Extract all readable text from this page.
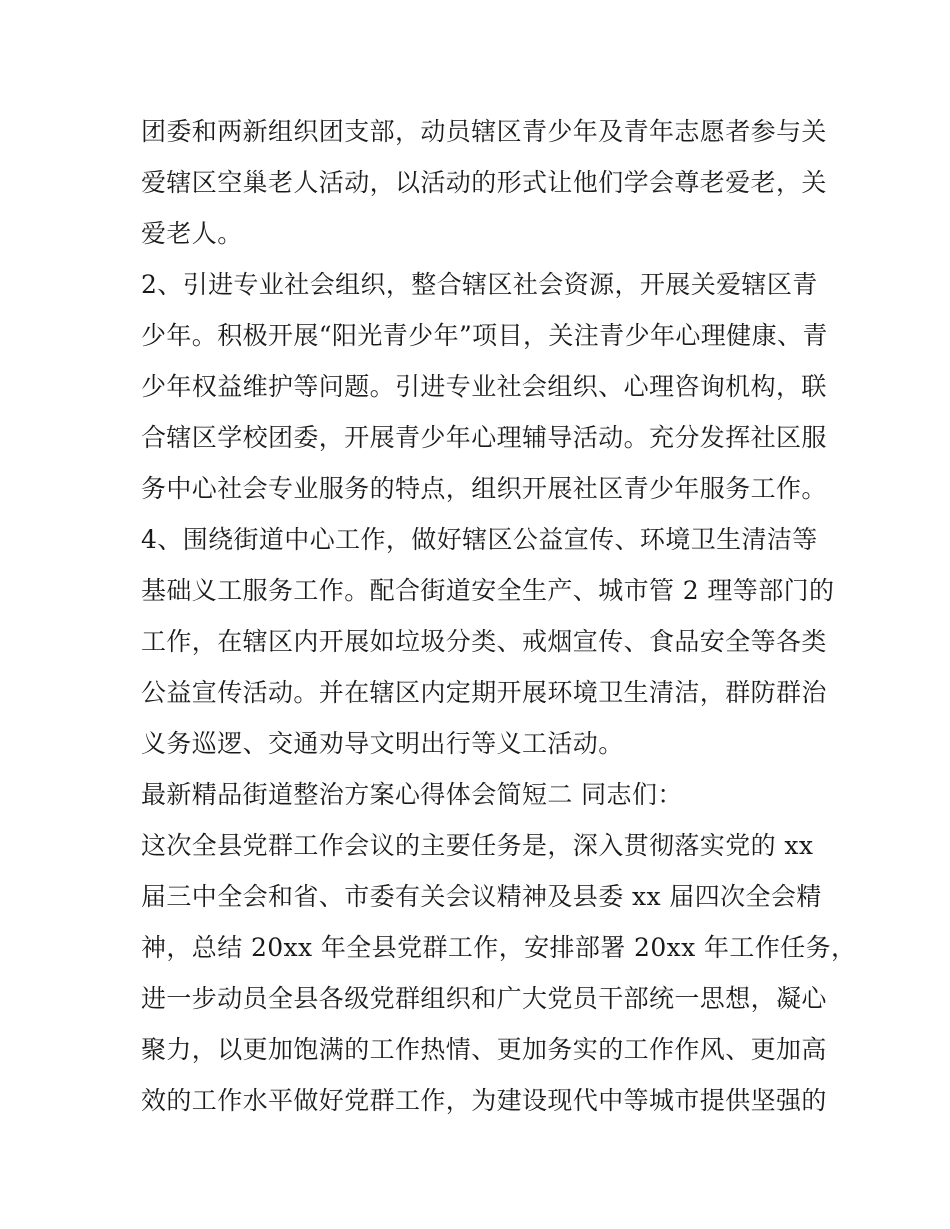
团委和两新组织团支部，动员辖区青少年及青年志愿者参与关

爱辖区空巢老人活动，以活动的形式让他们学会尊老爱老，关

爱老人。

2、引进专业社会组织，整合辖区社会资源，开展关爱辖区青

少年。积极开展“阳光青少年”项目，关注青少年心理健康、青

少年权益维护等问题。引进专业社会组织、心理咨询机构，联

合辖区学校团委，开展青少年心理辅导活动。充分发挥社区服

务中心社会专业服务的特点，组织开展社区青少年服务工作。

4、围绕街道中心工作，做好辖区公益宣传、环境卫生清洁等

基础义工服务工作。配合街道安全生产、城市管 2 理等部门的

工作，在辖区内开展如垃圾分类、戒烟宣传、食品安全等各类

公益宣传活动。并在辖区内定期开展环境卫生清洁，群防群治

义务巡逻、交通劝导文明出行等义工活动。

最新精品街道整治方案心得体会简短二 同志们：

这次全县党群工作会议的主要任务是，深入贯彻落实党的 xx

届三中全会和省、市委有关会议精神及县委 xx 届四次全会精

神，总结 20xx 年全县党群工作，安排部署 20xx 年工作任务，

进一步动员全县各级党群组织和广大党员干部统一思想，凝心

聚力，以更加饱满的工作热情、更加务实的工作作风、更加高

效的工作水平做好党群工作，为建设现代中等城市提供坚强的
